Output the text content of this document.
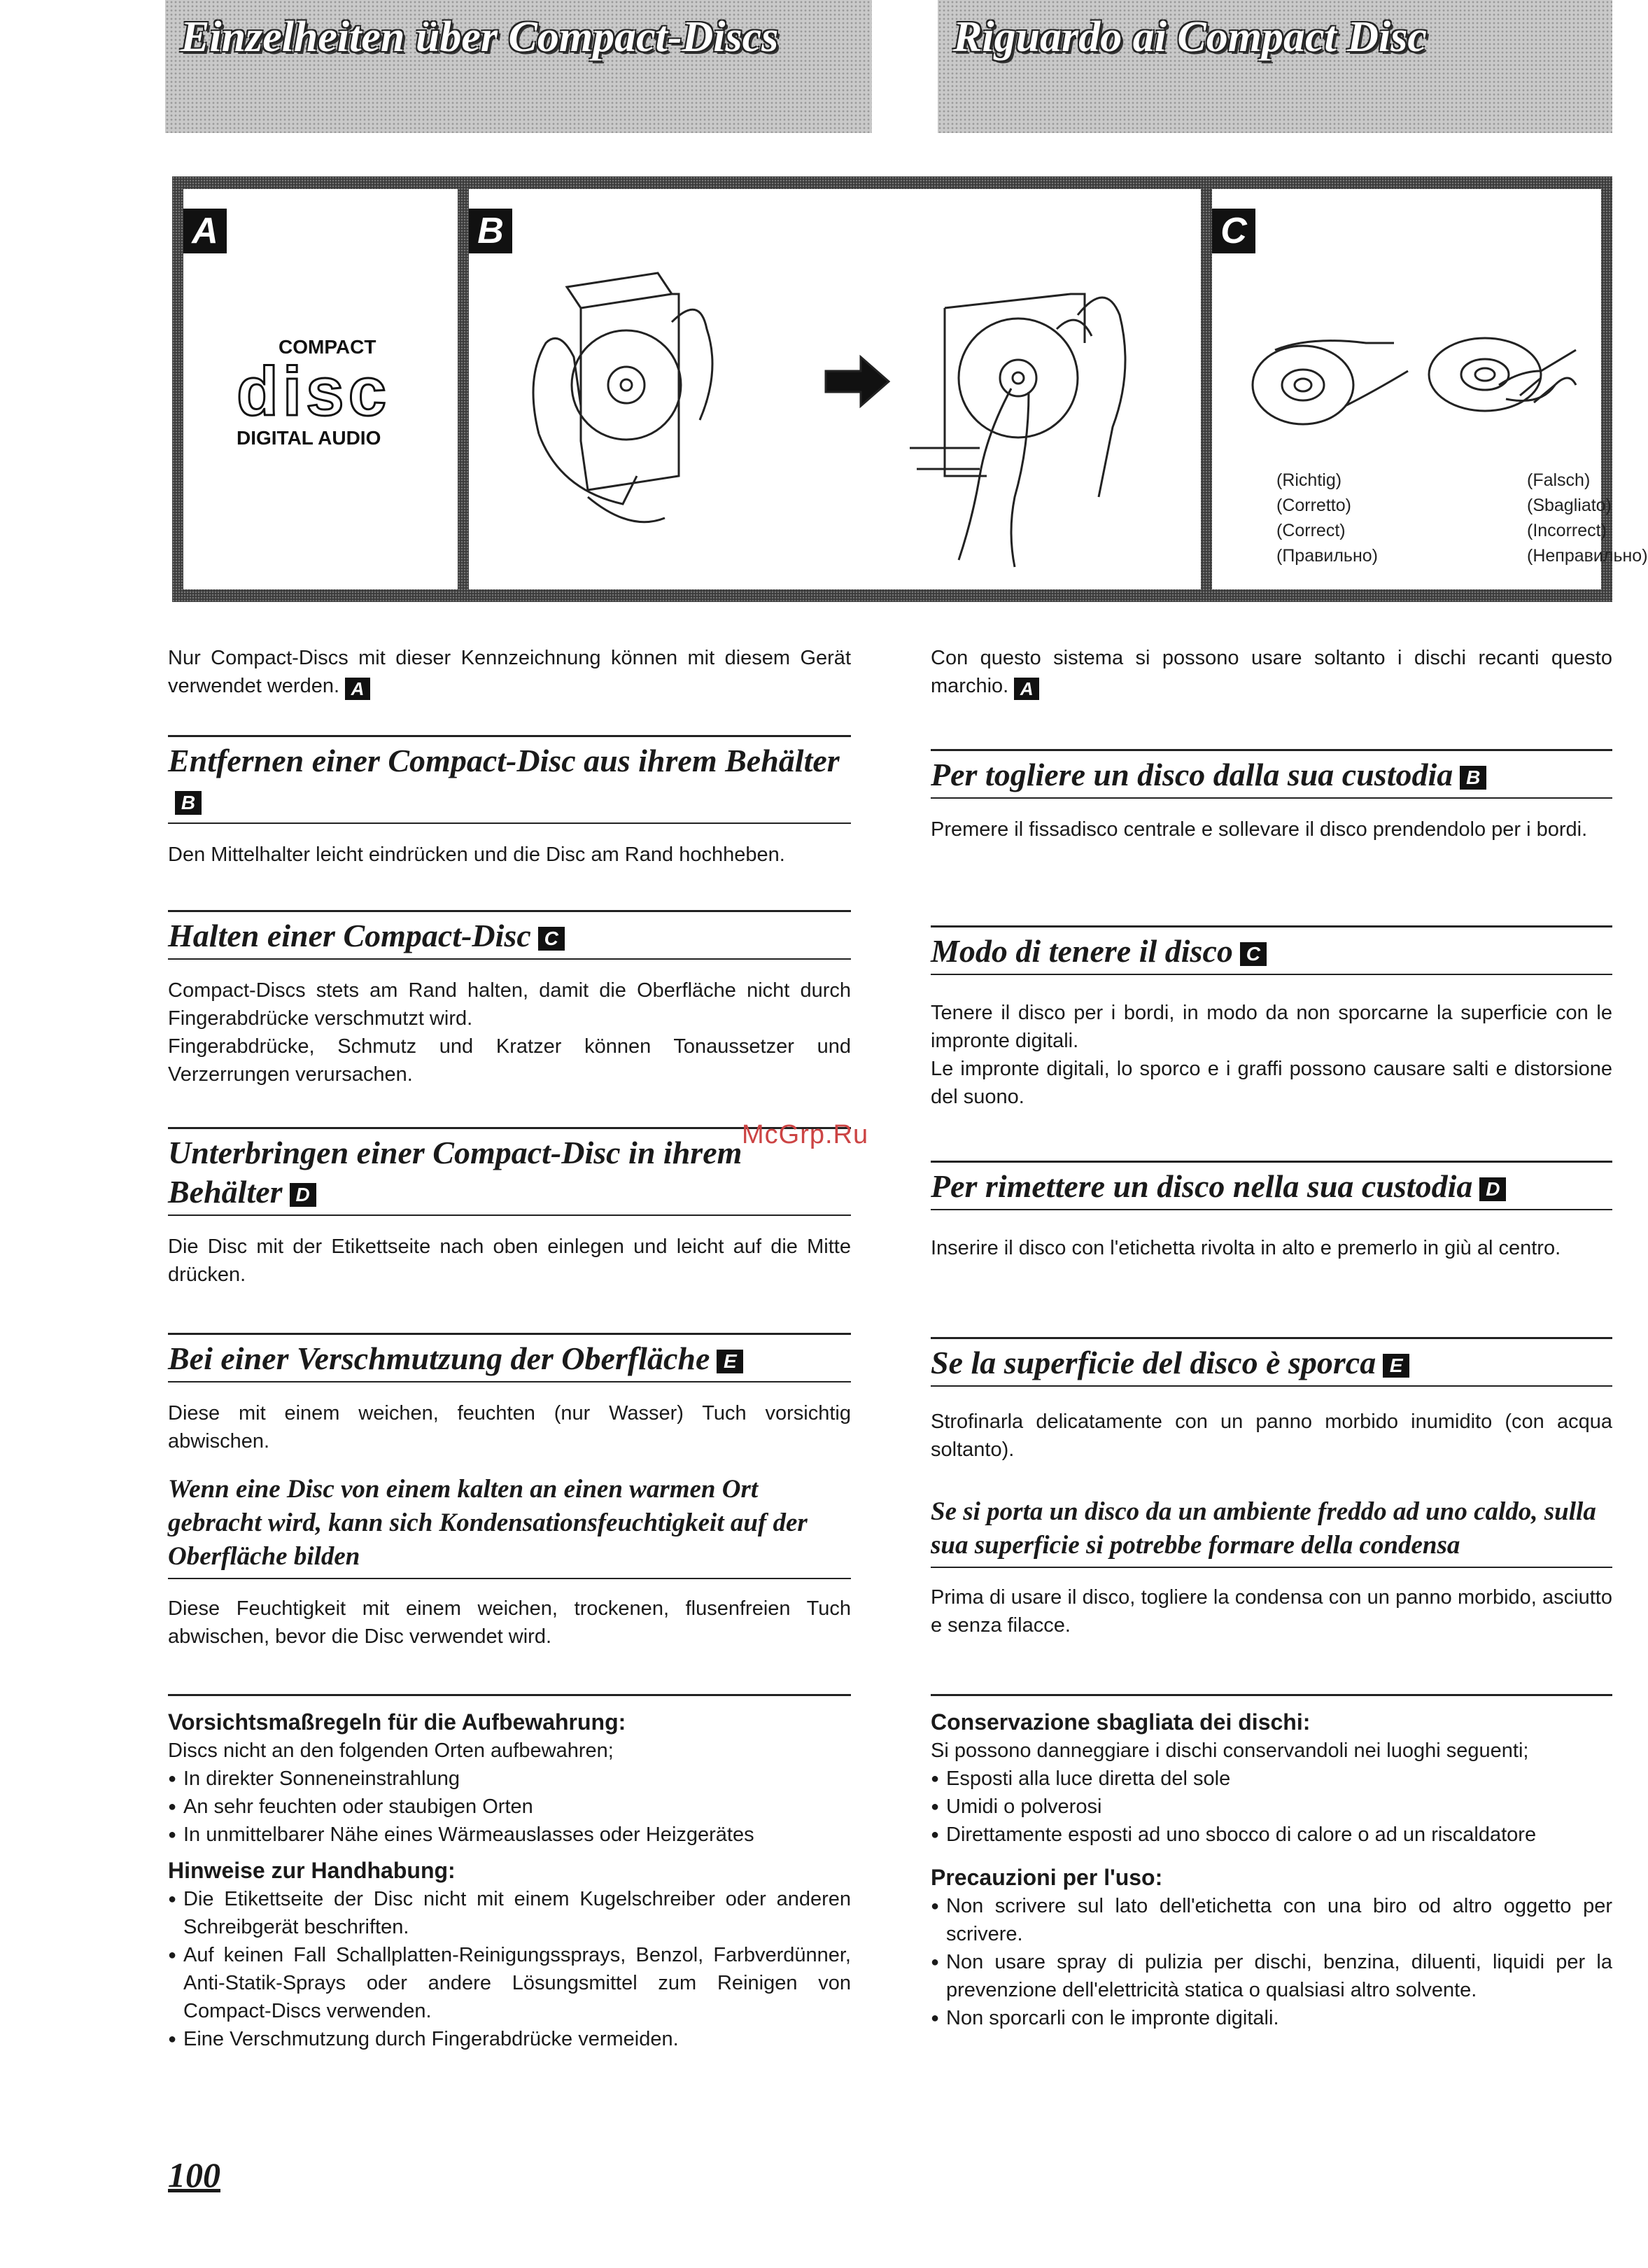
Einzelheiten über Compact-Discs	Riguardo ai Compact Disc
A
COMPACT
disc
DIGITAL AUDIO
B	C
(Richtig)
(Corretto)
(Correct)
(Правильно)
(Falsch)
(Sbagliato)
(Incorrect)
(Неправильно)

Nur Compact-Discs mit dieser Kennzeichnung können mit diesem Gerät verwendet werden. A

Entfernen einer Compact-Disc aus ihrem BehälterB

Den Mittelhalter leicht eindrücken und die Disc am Rand hochheben.

Halten einer Compact-Disc C

Compact-Discs stets am Rand halten, damit die Oberfläche nicht durch Fingerabdrücke verschmutzt wird.

Fingerabdrücke, Schmutz und Kratzer können Tonaussetzer und Verzerrungen verursachen.

Unterbringen einer Compact-Disc in ihrem Behälter D

Die Disc mit der Etikettseite nach oben einlegen und leicht auf die Mitte drücken.

Bei einer Verschmutzung der Oberfläche E

Diese mit einem weichen, feuchten (nur Wasser) Tuch vorsichtig abwischen.

Wenn eine Disc von einem kalten an einen warmen Ort gebracht wird, kann sich Kondensationsfeuchtigkeit auf der Oberfläche bilden

Diese Feuchtigkeit mit einem weichen, trockenen, flusenfreien Tuch abwischen, bevor die Disc verwendet wird.

Vorsichtsmaßregeln für die Aufbewahrung:

Discs nicht an den folgenden Orten aufbewahren;

● In direkter Sonneneinstrahlung
● An sehr feuchten oder staubigen Orten
● In unmittelbarer Nähe eines Wärmeauslasses oder Heizgerätes

Hinweise zur Handhabung:

● Die Etikettseite der Disc nicht mit einem Kugelschreiber oder anderen Schreibgerät beschriften.
● Auf keinen Fall Schallplatten-Reinigungssprays, Benzol, Farbverdünner, Anti-Statik-Sprays oder andere Lösungsmittel zum Reinigen von Compact-Discs verwenden.
● Eine Verschmutzung durch Fingerabdrücke vermeiden.

Con questo sistema si possono usare soltanto i dischi recanti questo marchio. A

Per togliere un disco dalla sua custodia B

Premere il fissadisco centrale e sollevare il disco prendendolo per i bordi.

Modo di tenere il disco C

Tenere il disco per i bordi, in modo da non sporcarne la superficie con le impronte digitali.

Le impronte digitali, lo sporco e i graffi possono causare salti e distorsione del suono.

Per rimettere un disco nella sua custodia D

Inserire il disco con l'etichetta rivolta in alto e premerlo in giù al centro.

Se la superficie del disco è sporca E

Strofinarla delicatamente con un panno morbido inumidito (con acqua soltanto).

Se si porta un disco da un ambiente freddo ad uno caldo, sulla sua superficie si potrebbe formare della condensa

Prima di usare il disco, togliere la condensa con un panno morbido, asciutto e senza filacce.

Conservazione sbagliata dei dischi:

Si possono danneggiare i dischi conservandoli nei luoghi seguenti;

● Esposti alla luce diretta del sole
● Umidi o polverosi
● Direttamente esposti ad uno sbocco di calore o ad un riscaldatore

Precauzioni per l'uso:

● Non scrivere sul lato dell'etichetta con una biro od altro oggetto per scrivere.
● Non usare spray di pulizia per dischi, benzina, diluenti, liquidi per la prevenzione dell'elettricità statica o qualsiasi altro solvente.
● Non sporcarli con le impronte digitali.
McGrp.Ru
100
